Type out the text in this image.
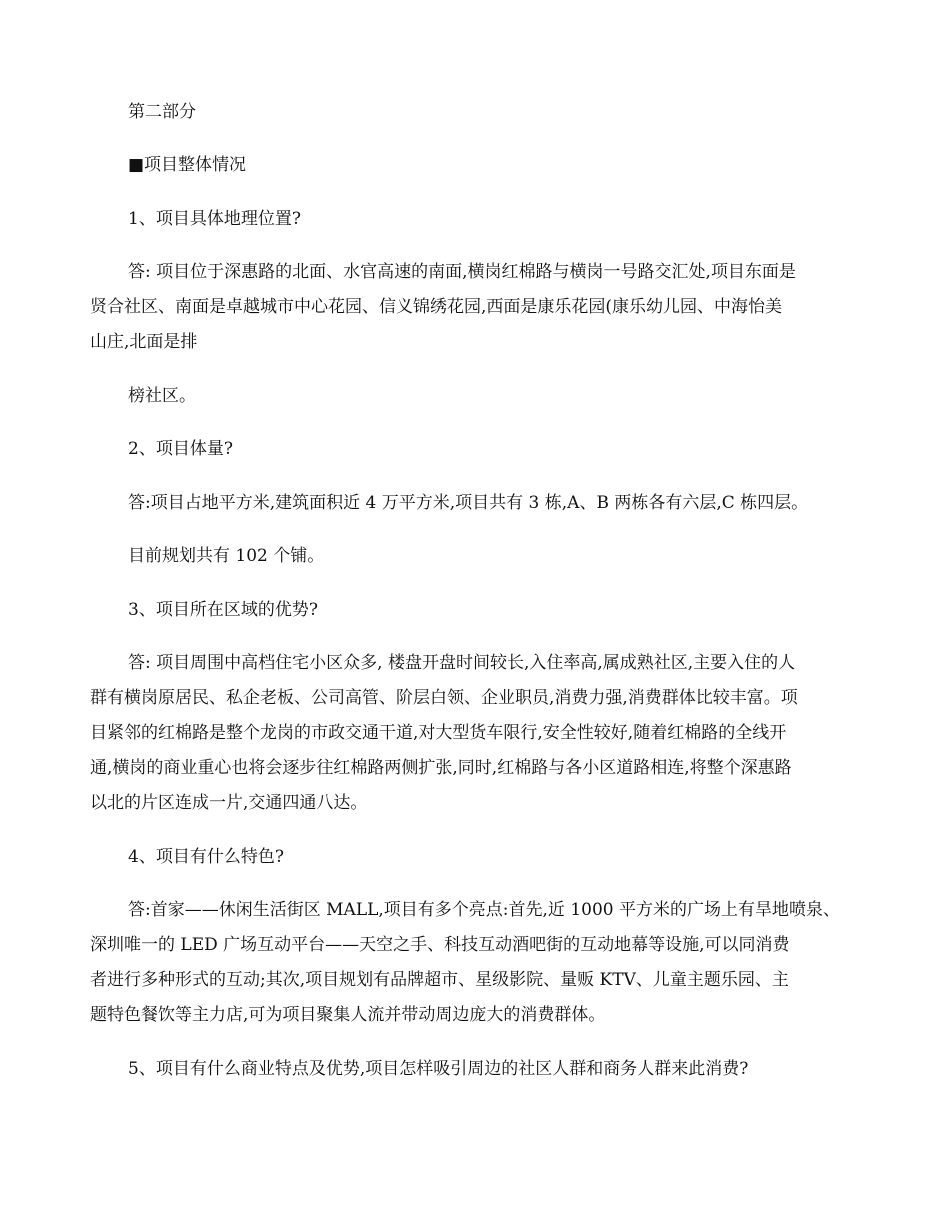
第二部分
■项目整体情况
1、项目具体地理位置?
答: 项目位于深惠路的北面、水官高速的南面,横岗红棉路与横岗一号路交汇处,项目东面是
贤合社区、南面是卓越城市中心花园、信义锦绣花园,西面是康乐花园(康乐幼儿园、中海怡美
山庄,北面是排
榜社区。
2、项目体量?
答:项目占地平方米,建筑面积近 4 万平方米,项目共有 3 栋,A、B 两栋各有六层,C 栋四层。
目前规划共有 102 个铺。
3、项目所在区域的优势?
答: 项目周围中高档住宅小区众多, 楼盘开盘时间较长,入住率高,属成熟社区,主要入住的人
群有横岗原居民、私企老板、公司高管、阶层白领、企业职员,消费力强,消费群体比较丰富。项
目紧邻的红棉路是整个龙岗的市政交通干道,对大型货车限行,安全性较好,随着红棉路的全线开
通,横岗的商业重心也将会逐步往红棉路两侧扩张,同时,红棉路与各小区道路相连,将整个深惠路
以北的片区连成一片,交通四通八达。
4、项目有什么特色?
答:首家——休闲生活街区 MALL,项目有多个亮点:首先,近 1000 平方米的广场上有旱地喷泉、
深圳唯一的 LED 广场互动平台——天空之手、科技互动酒吧街的互动地幕等设施,可以同消费
者进行多种形式的互动;其次,项目规划有品牌超市、星级影院、量贩 KTV、儿童主题乐园、主
题特色餐饮等主力店,可为项目聚集人流并带动周边庞大的消费群体。
5、项目有什么商业特点及优势,项目怎样吸引周边的社区人群和商务人群来此消费?
